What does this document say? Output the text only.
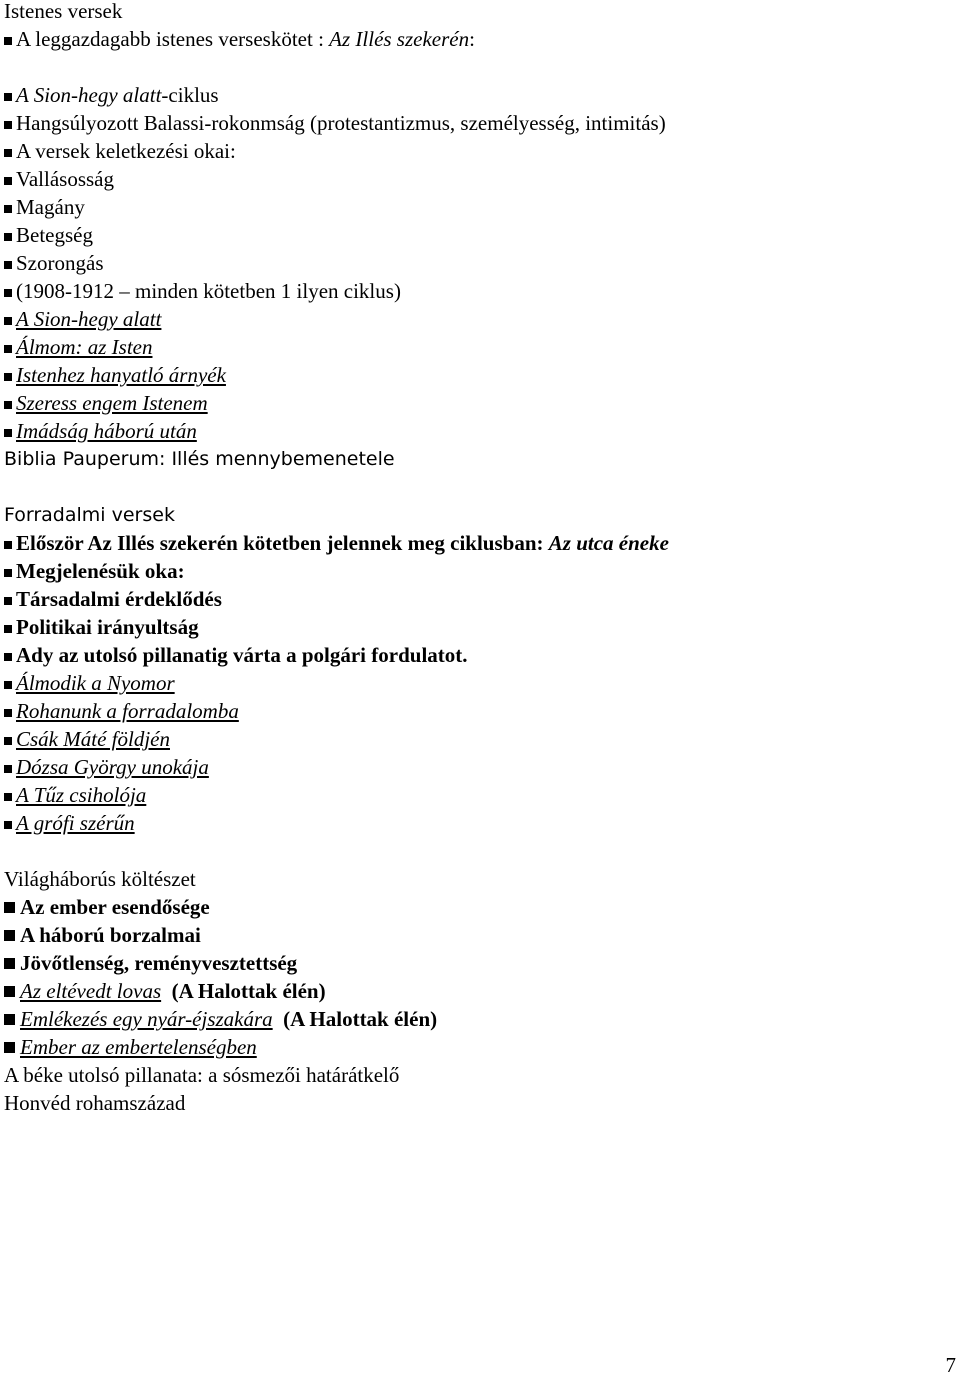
Istenes versek
A leggazdagabb istenes verseskötet : Az Illés szekerén:
A Sion-hegy alatt-ciklus
Hangsúlyozott Balassi-rokonmság (protestantizmus, személyesség, intimitás)
A versek keletkezési okai:
Vallásosság
Magány
Betegség
Szorongás
(1908-1912 – minden kötetben 1 ilyen ciklus)
A Sion-hegy alatt
Álmom: az Isten
Istenhez hanyatló árnyék
Szeress engem Istenem
Imádság háború után
Biblia Pauperum: Illés mennybemenetele
Forradalmi versek
Először Az Illés szekerén kötetben jelennek meg ciklusban: Az utca éneke
Megjelenésük oka:
Társadalmi érdeklődés
Politikai irányultság
Ady az utolsó pillanatig várta a polgári fordulatot.
Álmodik a Nyomor
Rohanunk a forradalomba
Csák Máté földjén
Dózsa György unokája
A Tűz csiholója
A grófi szérűn
Világháborús költészet
Az ember esendősége
A háború borzalmai
Jövőtlenség, reményvesztettség
Az eltévedt lovas (A Halottak élén)
Emlékezés egy nyár-éjszakára (A Halottak élén)
Ember az embertelenségben
A béke utolsó pillanata: a sósmezői határátkelő
Honvéd rohamszázad
7
